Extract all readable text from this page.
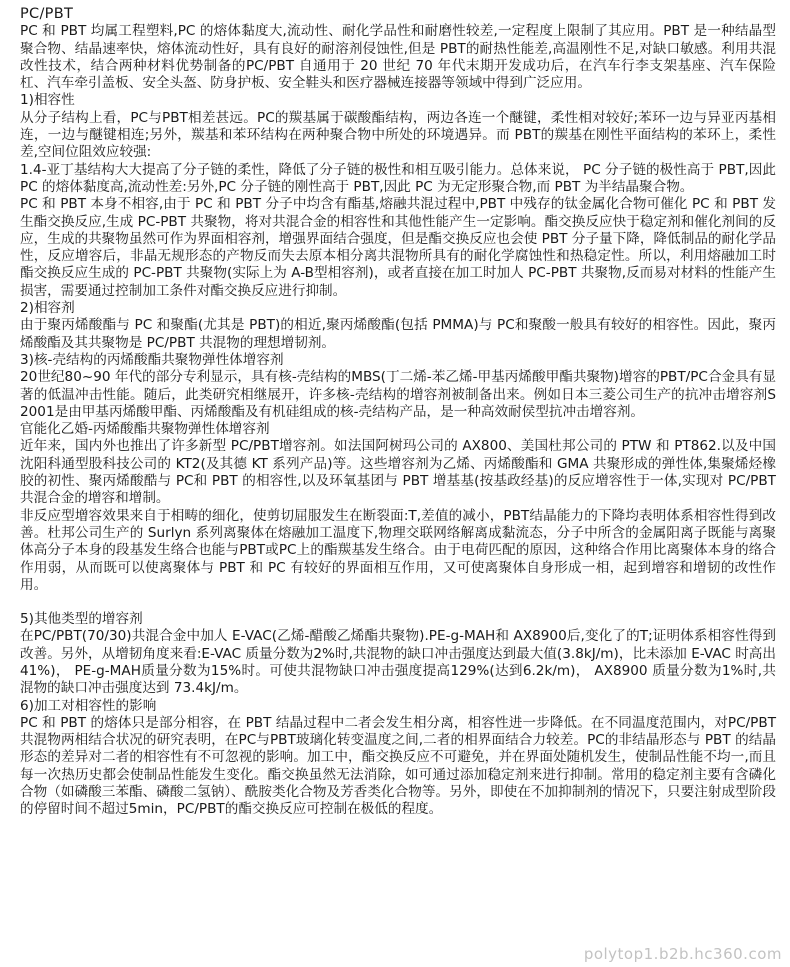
PC/PBT

PC 和 PBT 均属工程塑料,PC 的熔体黏度大,流动性、耐化学品性和耐磨性较差,一定程度上限制了其应用。PBT 是一种结晶型聚合物、结晶速率快，熔体流动性好，具有良好的耐溶剂侵蚀性,但是 PBT的耐热性能差,高温刚性不足,对缺口敏感。利用共混改性技术，结合两种材料优势制备的PC/PBT 自通用于 20 世纪 70 年代末期开发成功后，在汽车行李支架基座、汽车保险杠、汽车牵引盖板、安全头盔、防身护板、安全鞋头和医疗器械连接器等领域中得到广泛应用。

1)相容性

从分子结构上看，PC与PBT相差甚远。PC的羰基属于碳酸酯结构，两边各连一个醚键，柔性相对较好;苯环一边与异亚丙基相连，一边与醚键相连;另外，羰基和苯环结构在两种聚合物中所处的环境遇异。而 PBT的羰基在刚性平面结构的苯环上，柔性差,空间位阻效应较强:

1.4-亚丁基结构大大提高了分子链的柔性，降低了分子链的极性和相互吸引能力。总体来说， PC 分子链的极性高于 PBT,因此 PC 的熔体黏度高,流动性差:另外,PC 分子链的刚性高于 PBT,因此 PC 为无定形聚合物,而 PBT 为半结晶聚合物。

PC 和 PBT 本身不相容,由于 PC 和 PBT 分子中均含有酯基,熔融共混过程中,PBT 中残存的钛金属化合物可催化 PC 和 PBT 发生酯交换反应,生成 PC-PBT 共聚物，将对共混合金的相容性和其他性能产生一定影响。酯交换反应快于稳定剂和催化剂间的反应，生成的共聚物虽然可作为界面相容剂，增强界面结合强度，但是酯交换反应也会使 PBT 分子量下降，降低制品的耐化学品性，反应增容后，非晶无规形态的产物反而失去原本相分离共混物所具有的耐化学腐蚀性和热稳定性。所以，利用熔融加工时酯交换反应生成的 PC-PBT 共聚物(实际上为 A-B型相容剂)，或者直接在加工时加人 PC-PBT 共聚物,反而易对材料的性能产生损害，需要通过控制加工条件对酯交换反应进行抑制。

2)相容剂

由于聚丙烯酸酯与 PC 和聚酯(尤其是 PBT)的相近,聚丙烯酸酯(包括 PMMA)与 PC和聚酸一般具有较好的相容性。因此，聚丙烯酸酯及其共聚物是 PC/PBT 共混物的理想增韧剂。

3)核-壳结构的丙烯酸酯共聚物弹性体增容剂

20世纪80~90 年代的部分专利显示，具有核-壳结构的MBS(丁二烯-苯乙烯-甲基丙烯酸甲酯共聚物)增容的PBT/PC合金具有显著的低温冲击性能。随后，此类研究相继展开，许多核-壳结构的增容剂被制备出来。例如日本三菱公司生产的抗冲击增容剂S2001是由甲基丙烯酸甲酯、丙烯酸酯及有机硅组成的核-壳结构产品，是一种高效耐侯型抗冲击增容剂。

官能化乙婚-丙烯酸酯共聚物弹性体增容剂

近年来，国内外也推出了许多新型 PC/PBT增容剂。如法国阿树玛公司的 AX800、美国杜邦公司的 PTW 和 PT862.以及中国沈阳科通型股科技公司的 KT2(及其德 KT 系列产品)等。这些增容剂为乙烯、丙烯酸酯和 GMA 共聚形成的弹性体,集聚烯烃橡胶的初性、聚丙烯酸酷与 PC和 PBT 的相容性,以及环氧基团与 PBT 增基基(按基政经基)的反应增容性于一体,实现对 PC/PBT 共混合金的增容和增制。

非反应型增容效果来自于相畴的细化，使剪切屈服发生在断裂面:T,差值的减小，PBT结晶能力的下降均表明体系相容性得到改善。杜邦公司生产的 Surlyn 系列离聚体在熔融加工温度下,物理交联网络解离成黏流态，分子中所含的金属阳离子既能与离聚体高分子本身的段基发生络合也能与PBT或PC上的酯羰基发生络合。由于电荷匹配的原因，这种络合作用比离聚体本身的络合作用弱，从而既可以使离聚体与 PBT 和 PC 有较好的界面相互作用，又可使离聚体自身形成一相，起到增容和增韧的改性作用。

5)其他类型的增容剂

在PC/PBT(70/30)共混合金中加人 E-VAC(乙烯-醋酸乙烯酯共聚物).PE-g-MAH和 AX8900后,变化了的T;证明体系相容性得到改善。另外，从增韧角度来看:E-VAC 质量分数为2%时,共混物的缺口冲击强度达到最大值(3.8kJ/m)，比未添加 E-VAC 时高出 41%)， PE-g-MAH质量分数为15%时。可使共混物缺口冲击强度提高129%(达到6.2k/m)， AX8900 质量分数为1%时,共混物的缺口冲击强度达到 73.4kJ/m。

6)加工对相容性的影响

PC 和 PBT 的熔体只是部分相容，在 PBT 结晶过程中二者会发生相分离，相容性进一步降低。在不同温度范围内，对PC/PBT共混物两相结合状况的研究表明，在PC与PBT玻璃化转变温度之间,二者的相界面结合力较差。PC的非结晶形态与 PBT 的结晶形态的差异对二者的相容性有不可忽视的影响。加工中，酯交换反应不可避免，并在界面处随机发生，使制品性能不均一,而且每一次热历史都会使制品性能发生变化。酯交换虽然无法消除，如可通过添加稳定剂来进行抑制。常用的稳定剂主要有含磷化合物（如磷酸三苯酯、磷酸二氢钠）、酰胺类化合物及芳香类化合物等。另外，即使在不加抑制剂的情况下，只要注射成型阶段的停留时间不超过5min，PC/PBT的酯交换反应可控制在极低的程度。

polytop1.b2b.hc360.com
